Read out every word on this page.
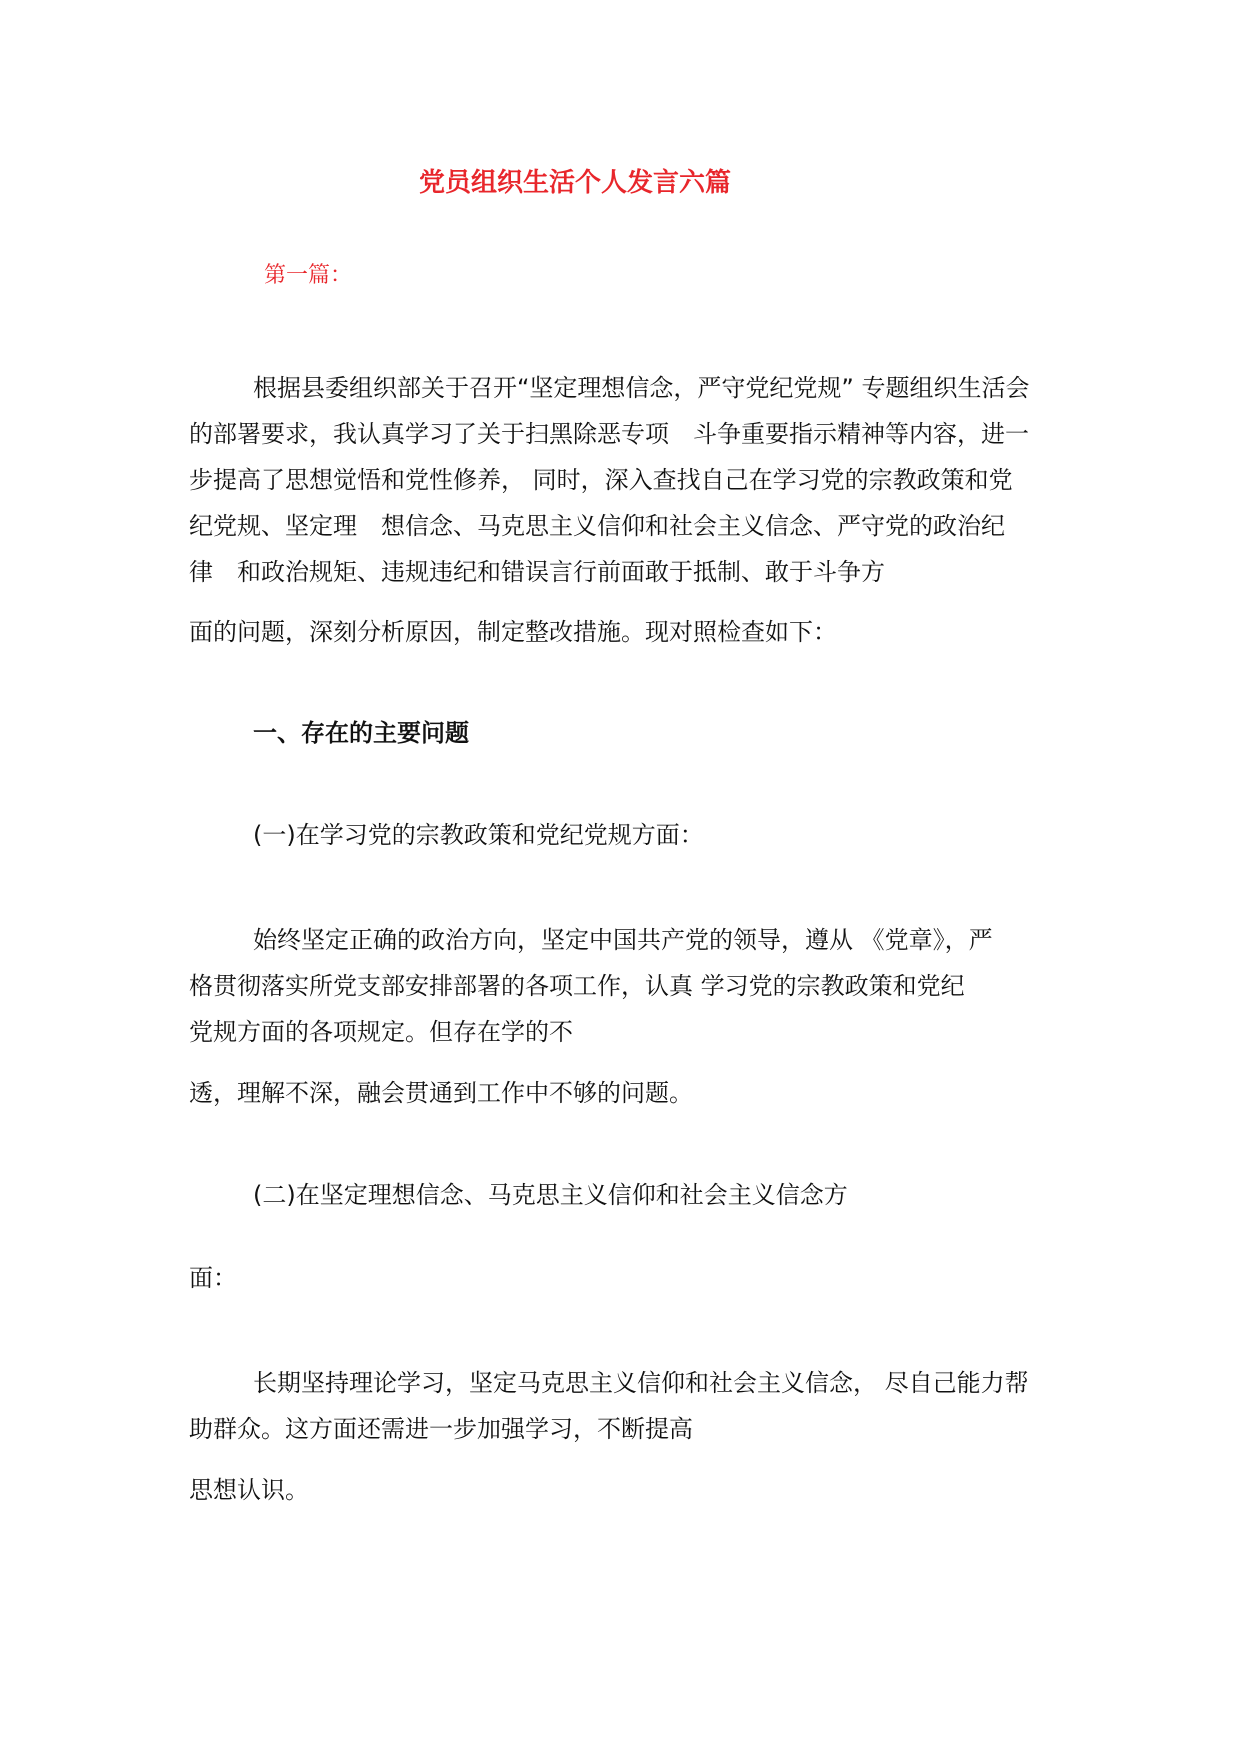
党员组织生活个人发言六篇
第一篇：
根据县委组织部关于召开“坚定理想信念，严守党纪党规” 专题组织生活会
的部署要求，我认真学习了关于扫黑除恶专项　斗争重要指示精神等内容，进一
步提高了思想觉悟和党性修养， 同时，深入查找自己在学习党的宗教政策和党
纪党规、坚定理　想信念、马克思主义信仰和社会主义信念、严守党的政治纪
律　和政治规矩、违规违纪和错误言行前面敢于抵制、敢于斗争方
面的问题，深刻分析原因，制定整改措施。现对照检查如下：
一、存在的主要问题
(一)在学习党的宗教政策和党纪党规方面：
始终坚定正确的政治方向，坚定中国共产党的领导，遵从 《党章》，严
格贯彻落实所党支部安排部署的各项工作，认真 学习党的宗教政策和党纪
党规方面的各项规定。但存在学的不
透，理解不深，融会贯通到工作中不够的问题。
(二)在坚定理想信念、马克思主义信仰和社会主义信念方
面：
长期坚持理论学习，坚定马克思主义信仰和社会主义信念， 尽自己能力帮
助群众。这方面还需进一步加强学习，不断提高
思想认识。
